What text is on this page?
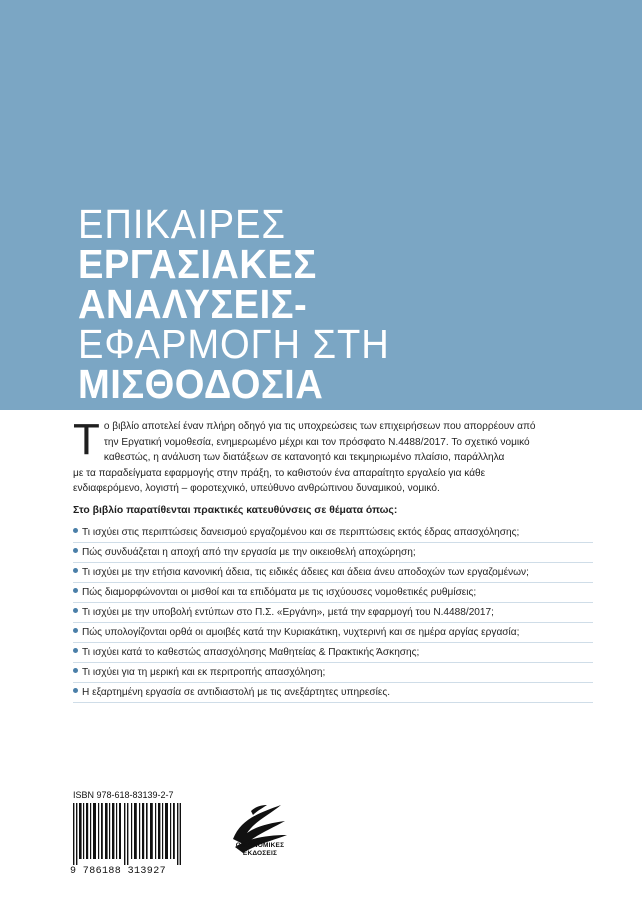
ΕΠΙΚΑΙΡΕΣ
ΕΡΓΑΣΙΑΚΕΣ
ΑΝΑΛΥΣΕΙΣ-
ΕΦΑΡΜΟΓΗ ΣΤΗ
ΜΙΣΘΟΔΟΣΙΑ
Τ ο βιβλίο αποτελεί έναν πλήρη οδηγό για τις υποχρεώσεις των επιχειρήσεων που απορρέουν από
την Εργατική νομοθεσία, ενημερωμένο μέχρι και τον πρόσφατο Ν.4488/2017. Το σχετικό νομικό
καθεστώς, η ανάλυση των διατάξεων σε κατανοητό και τεκμηριωμένο πλαίσιο, παράλληλα
με τα παραδείγματα εφαρμογής στην πράξη, το καθιστούν ένα απαραίτητο εργαλείο για κάθε
ενδιαφερόμενο, λογιστή – φοροτεχνικό, υπεύθυνο ανθρώπινου δυναμικού, νομικό.
Στο βιβλίο παρατίθενται πρακτικές κατευθύνσεις σε θέματα όπως:
Τι ισχύει στις περιπτώσεις δανεισμού εργαζομένου και σε περιπτώσεις εκτός έδρας απασχόλησης;
Πώς συνδυάζεται η αποχή από την εργασία με την οικειοθελή αποχώρηση;
Τι ισχύει με την ετήσια κανονική άδεια, τις ειδικές άδειες και άδεια άνευ αποδοχών των εργαζομένων;
Πώς διαμορφώνονται οι μισθοί και τα επιδόματα με τις ισχύουσες νομοθετικές ρυθμίσεις;
Τι ισχύει με την υποβολή εντύπων στο Π.Σ. «Εργάνη», μετά την εφαρμογή του Ν.4488/2017;
Πώς υπολογίζονται ορθά οι αμοιβές κατά την Κυριακάτικη, νυχτερινή και σε ημέρα αργίας εργασία;
Τι ισχύει κατά το καθεστώς απασχόλησης Μαθητείας & Πρακτικής Άσκησης;
Τι ισχύει για τη μερική και εκ περιτροπής απασχόληση;
Η εξαρτημένη εργασία σε αντιδιαστολή με τις ανεξάρτητες υπηρεσίες.
ISBN 978-618-83139-2-7
9 786188 313927
ΟΙΚΟΝΟΜΙΚΕΣ
ΕΚΔΟΣΕΙΣ
